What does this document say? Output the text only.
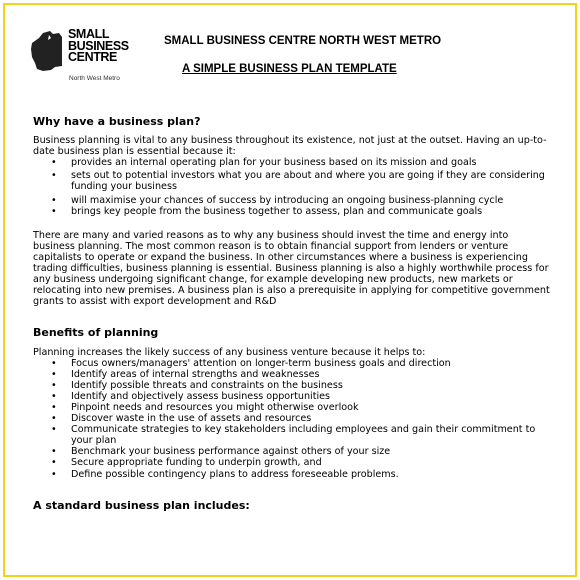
SMALL
BUSINESS
CENTRE
North West Metro
SMALL BUSINESS CENTRE NORTH WEST METRO
A SIMPLE BUSINESS PLAN TEMPLATE
Why have a business plan?

Business planning is vital to any business throughout its existence, not just at the outset. Having an up-to-date business plan is essential because it:

• provides an internal operating plan for your business based on its mission and goals
• sets out to potential investors what you are about and where you are going if they are considering funding your business
• will maximise your chances of success by introducing an ongoing business-planning cycle
• brings key people from the business together to assess, plan and communicate goals

There are many and varied reasons as to why any business should invest the time and energy into business planning. The most common reason is to obtain financial support from lenders or venture capitalists to operate or expand the business. In other circumstances where a business is experiencing trading difficulties, business planning is essential. Business planning is also a highly worthwhile process for any business undergoing significant change, for example developing new products, new markets or relocating into new premises. A business plan is also a prerequisite in applying for competitive government grants to assist with export development and R&D

Benefits of planning

Planning increases the likely success of any business venture because it helps to:

• Focus owners/managers' attention on longer-term business goals and direction
• Identify areas of internal strengths and weaknesses
• Identify possible threats and constraints on the business
• Identify and objectively assess business opportunities
• Pinpoint needs and resources you might otherwise overlook
• Discover waste in the use of assets and resources
• Communicate strategies to key stakeholders including employees and gain their commitment to your plan
• Benchmark your business performance against others of your size
• Secure appropriate funding to underpin growth, and
• Define possible contingency plans to address foreseeable problems.
A standard business plan includes:
